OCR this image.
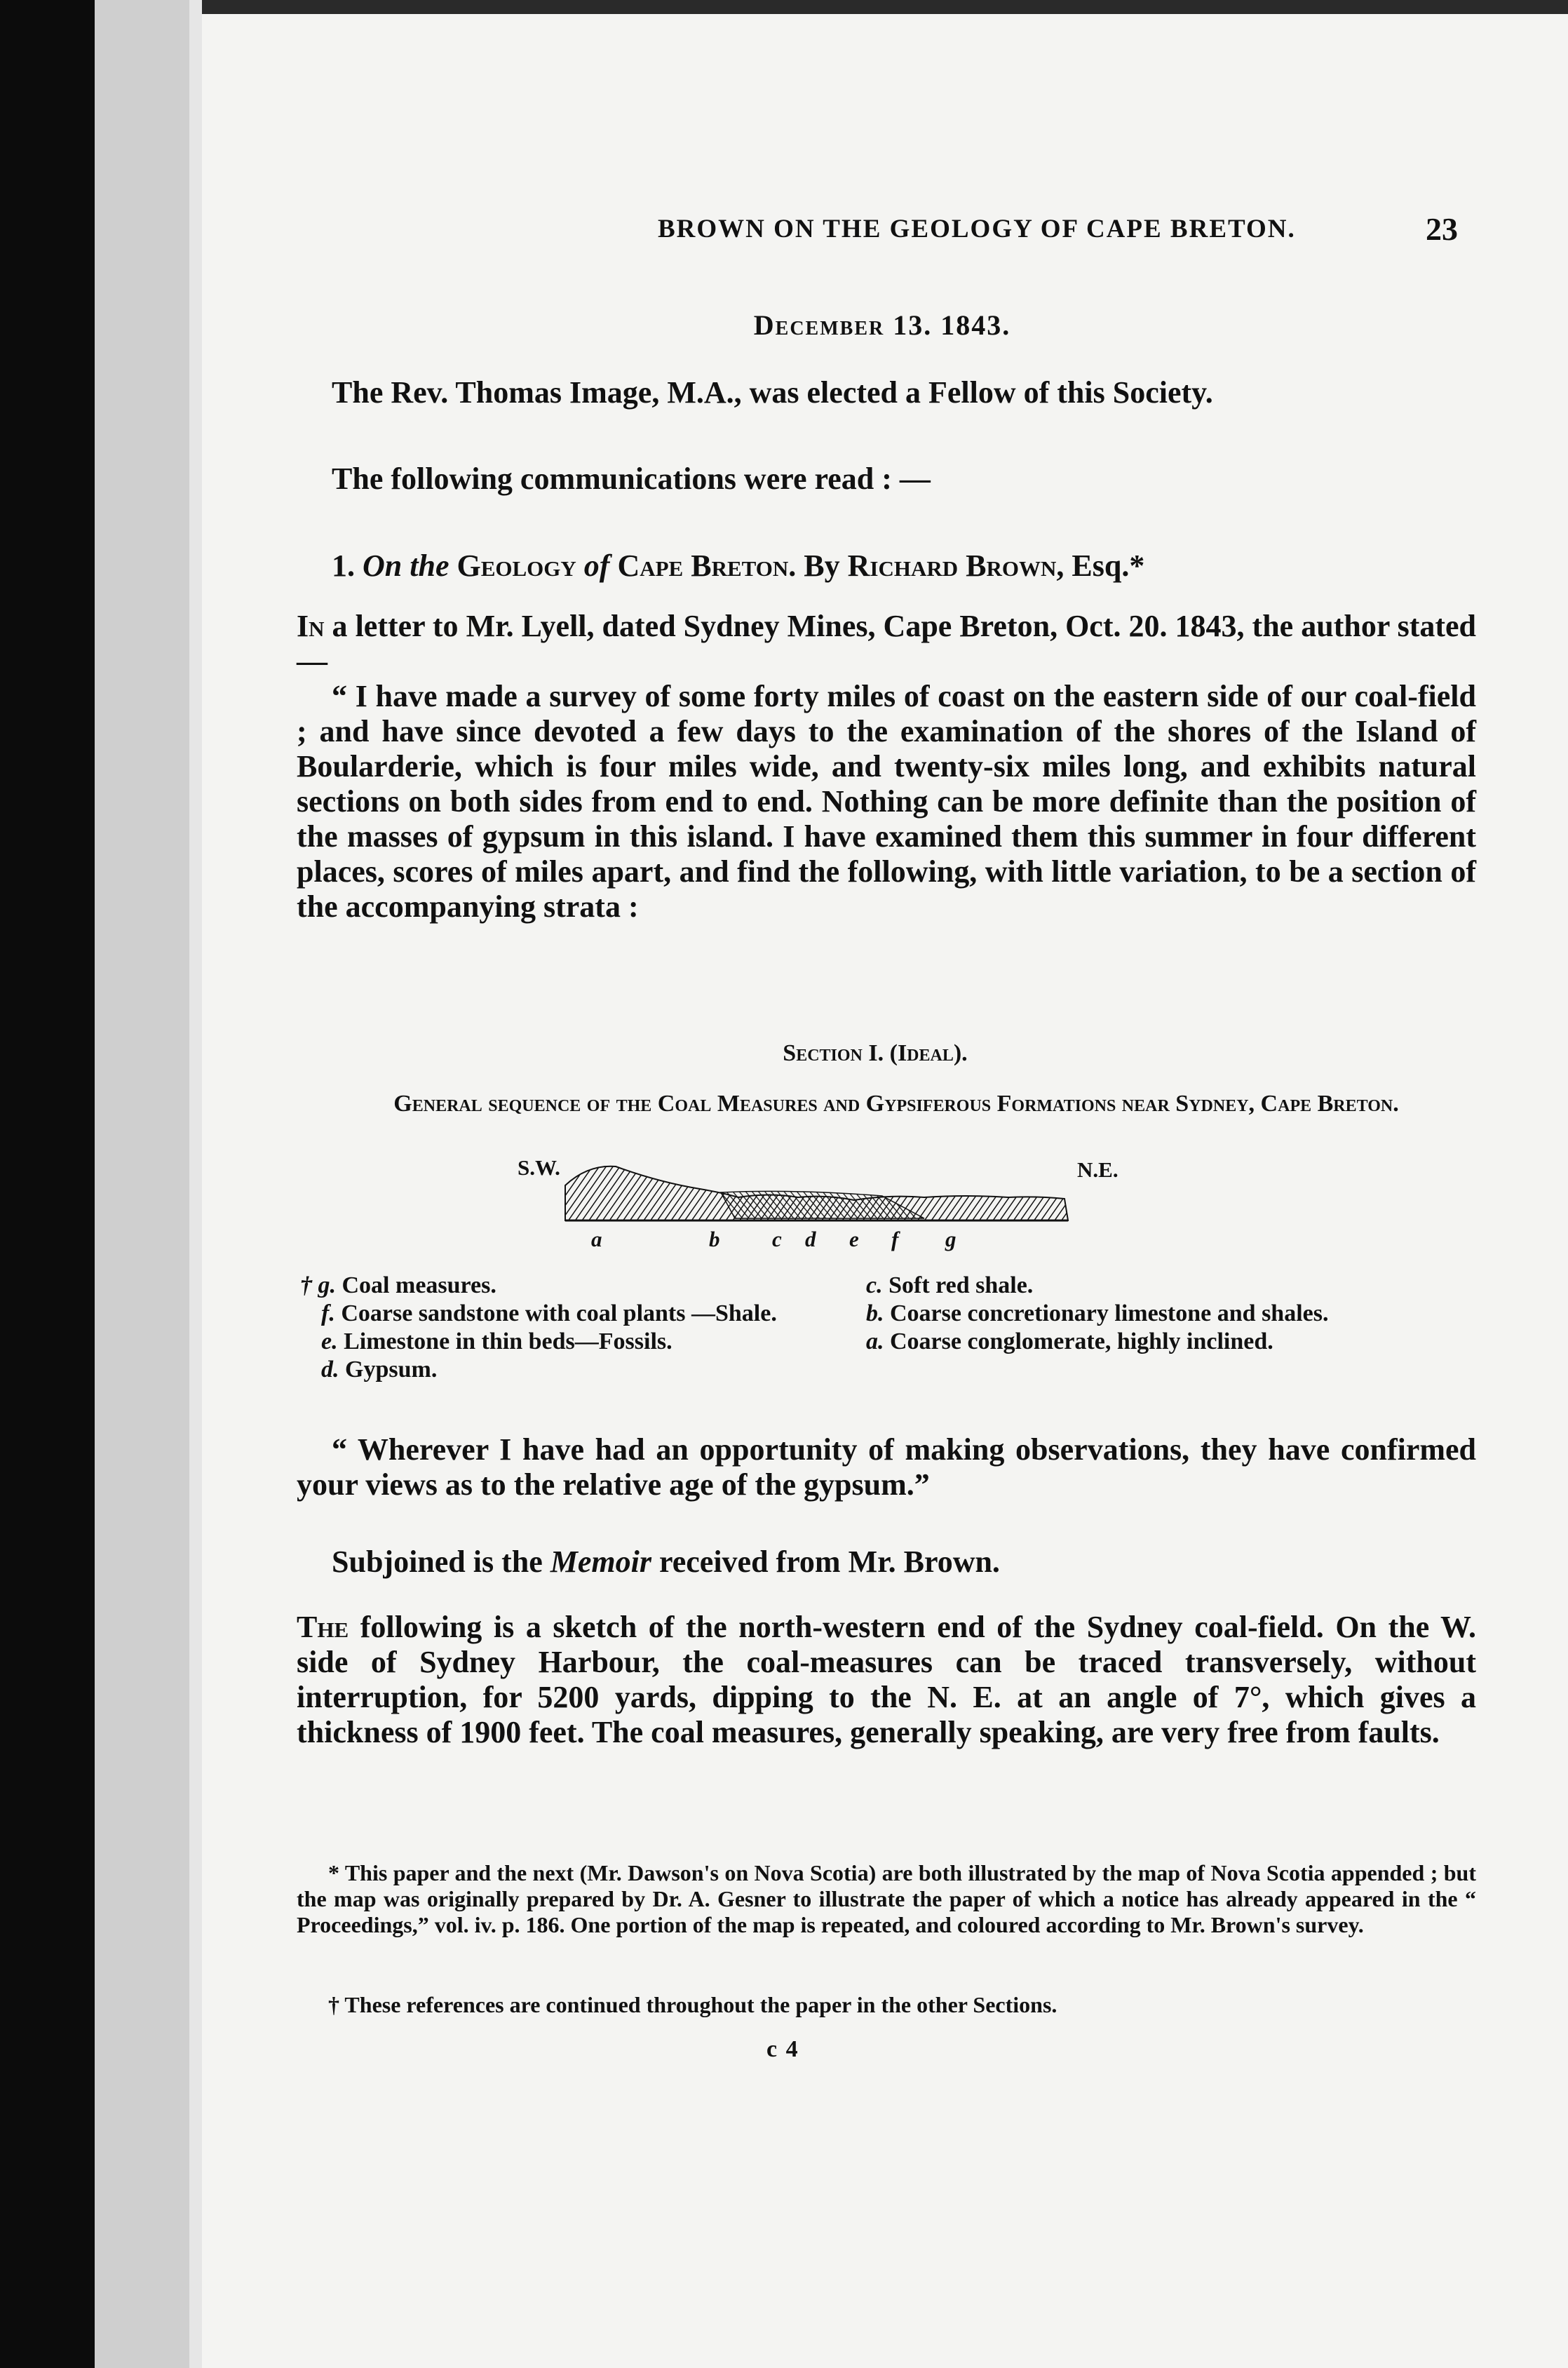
BROWN ON THE GEOLOGY OF CAPE BRETON.	23
December 13. 1843.
The Rev. Thomas Image, M.A., was elected a Fellow of this Society.
The following communications were read : —
1. On the Geology of Cape Breton. By Richard Brown, Esq.*
In a letter to Mr. Lyell, dated Sydney Mines, Cape Breton, Oct. 20. 1843, the author stated —
“ I have made a survey of some forty miles of coast on the eastern side of our coal-field ; and have since devoted a few days to the examination of the shores of the Island of Boularderie, which is four miles wide, and twenty-six miles long, and exhibits natural sections on both sides from end to end. Nothing can be more definite than the position of the masses of gypsum in this island. I have examined them this summer in four different places, scores of miles apart, and find the following, with little variation, to be a section of the accompanying strata :
Section I. (Ideal).
General sequence of the Coal Measures and Gypsiferous Formations near Sydney, Cape Breton.
S.W.	N.E.
a	b c d e f g
† g. Coal measures.
f. Coarse sandstone with coal plants —Shale.
e. Limestone in thin beds—Fossils.
d. Gypsum.
c. Soft red shale.
b. Coarse concretionary limestone and shales.
a. Coarse conglomerate, highly inclined.
“ Wherever I have had an opportunity of making observations, they have confirmed your views as to the relative age of the gypsum.”
Subjoined is the Memoir received from Mr. Brown.
The following is a sketch of the north-western end of the Sydney coal-field. On the W. side of Sydney Harbour, the coal-measures can be traced transversely, without interruption, for 5200 yards, dipping to the N. E. at an angle of 7°, which gives a thickness of 1900 feet. The coal measures, generally speaking, are very free from faults.
* This paper and the next (Mr. Dawson's on Nova Scotia) are both illustrated by the map of Nova Scotia appended ; but the map was originally prepared by Dr. A. Gesner to illustrate the paper of which a notice has already appeared in the “ Proceedings,” vol. iv. p. 186. One portion of the map is repeated, and coloured according to Mr. Brown's survey.
† These references are continued throughout the paper in the other Sections.
c 4
